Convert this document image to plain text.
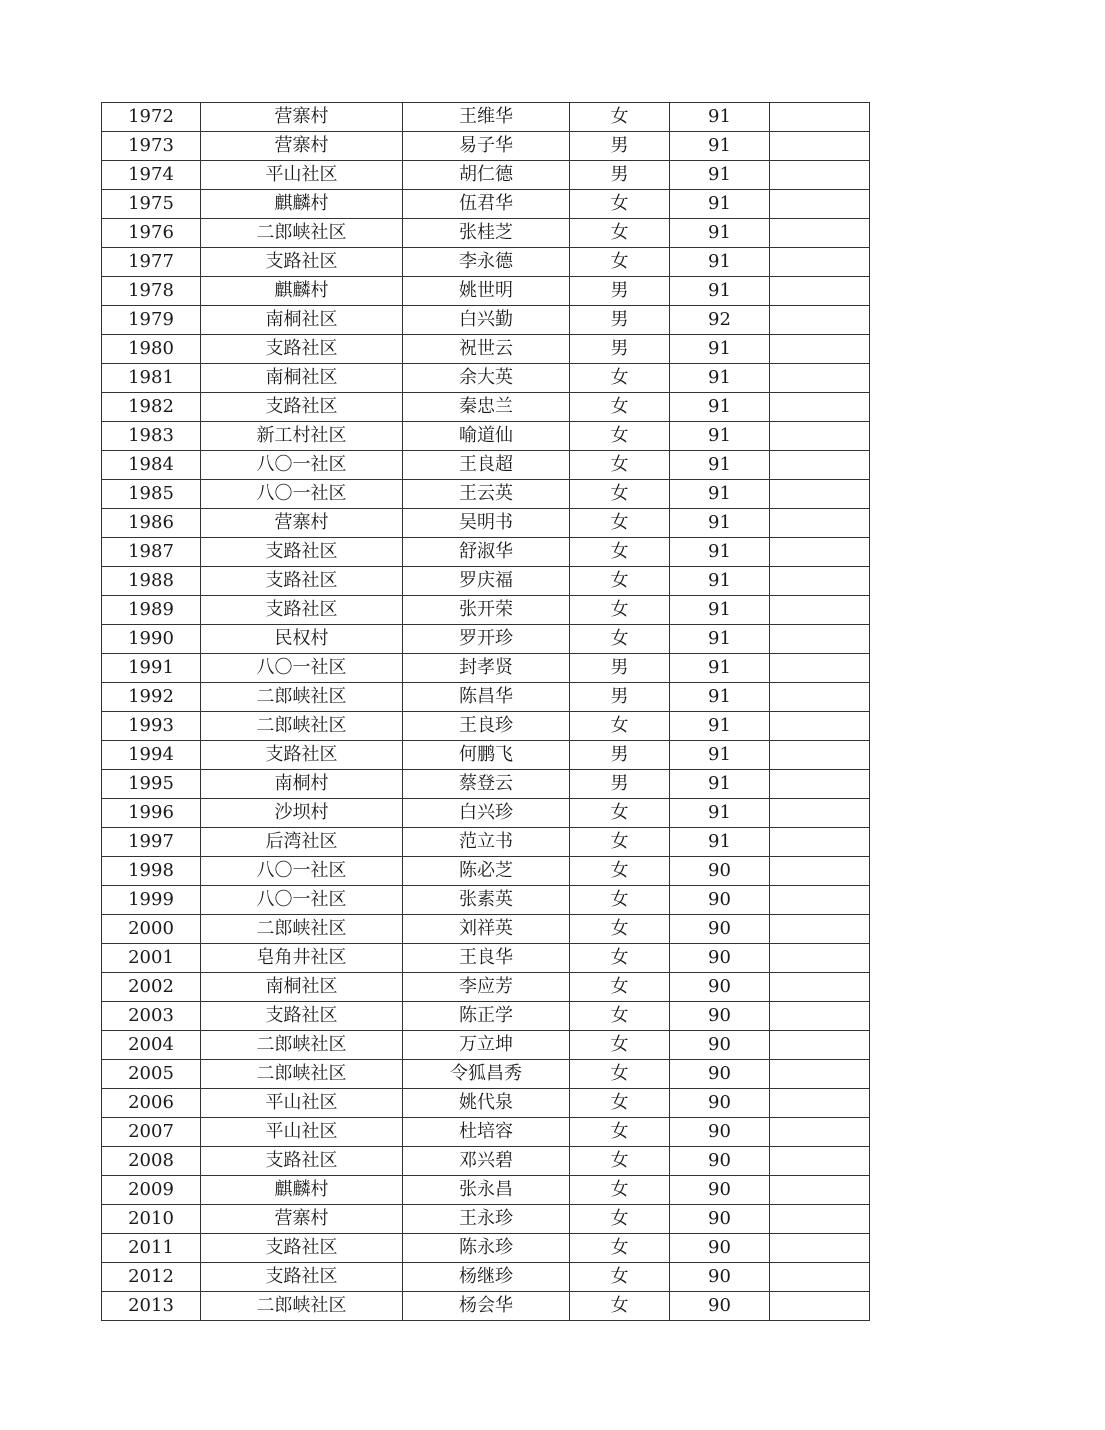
1972	营寨村	王维华	女	91	
1973	营寨村	易子华	男	91	
1974	平山社区	胡仁德	男	91	
1975	麒麟村	伍君华	女	91	
1976	二郎峡社区	张桂芝	女	91	
1977	支路社区	李永德	女	91	
1978	麒麟村	姚世明	男	91	
1979	南桐社区	白兴勤	男	92	
1980	支路社区	祝世云	男	91	
1981	南桐社区	余大英	女	91	
1982	支路社区	秦忠兰	女	91	
1983	新工村社区	喻道仙	女	91	
1984	八〇一社区	王良超	女	91	
1985	八〇一社区	王云英	女	91	
1986	营寨村	吴明书	女	91	
1987	支路社区	舒淑华	女	91	
1988	支路社区	罗庆福	女	91	
1989	支路社区	张开荣	女	91	
1990	民权村	罗开珍	女	91	
1991	八〇一社区	封孝贤	男	91	
1992	二郎峡社区	陈昌华	男	91	
1993	二郎峡社区	王良珍	女	91	
1994	支路社区	何鹏飞	男	91	
1995	南桐村	蔡登云	男	91	
1996	沙坝村	白兴珍	女	91	
1997	后湾社区	范立书	女	91	
1998	八〇一社区	陈必芝	女	90	
1999	八〇一社区	张素英	女	90	
2000	二郎峡社区	刘祥英	女	90	
2001	皂角井社区	王良华	女	90	
2002	南桐社区	李应芳	女	90	
2003	支路社区	陈正学	女	90	
2004	二郎峡社区	万立坤	女	90	
2005	二郎峡社区	令狐昌秀	女	90	
2006	平山社区	姚代泉	女	90	
2007	平山社区	杜培容	女	90	
2008	支路社区	邓兴碧	女	90	
2009	麒麟村	张永昌	女	90	
2010	营寨村	王永珍	女	90	
2011	支路社区	陈永珍	女	90	
2012	支路社区	杨继珍	女	90	
2013	二郎峡社区	杨会华	女	90	
